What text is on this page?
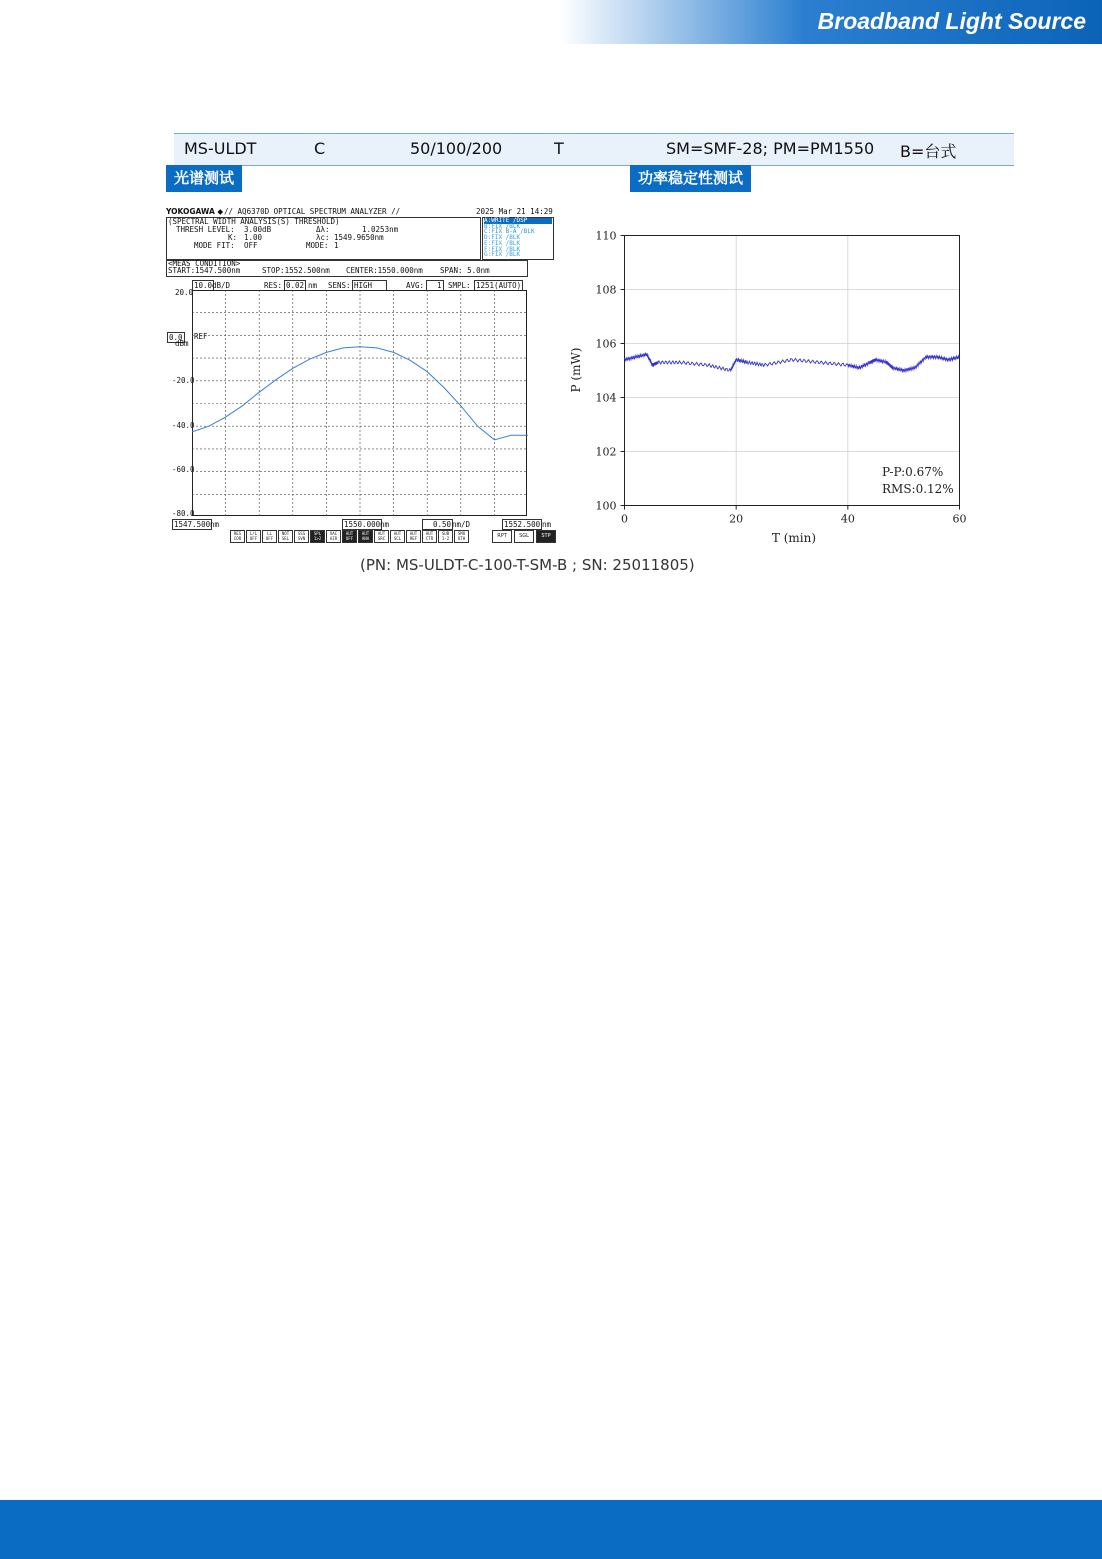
Broadband Light Source
MS-ULDT	C	50/100/200	T	SM=SMF-28; PM=PM1550 B=台式
光谱测试	功率稳定性测试
YOKOGAWA ◆ // AQ6370D OPTICAL SPECTRUM ANALYZER //	2025 Mar 21 14:29
(SPECTRAL WIDTH ANALYSIS(S) THRESHOLD)
THRESH LEVEL: 3.00dB
K: 1.00
MODE FIT: OFF
Δλ:	1.0253nm
λc: 1549.9650nm
MODE: 1
A:WRITE /DSP
B:FIX /BLK
C:FIX B-A /BLK
D:FIX /BLK
E:FIX /BLK
F:FIX /BLK
G:FIX /BLK
<MEAS CONDITION>
START:1547.500nm	STOP:1552.500nm CENTER:1550.000nm SPAN: 5.0nm
10.0 dB/D	RES: 0.02 nm SENS: HIGH	AVG:	1 SMPL: 1251(AUTO)
20.0
0.0 REF
dBm
-20.0
-40.0
-60.0
-80.0
1547.500 nm	1550.000 nm	0.50 nm/D	1552.500 nm
RES COR
L/L OFF
LL OFF
NOT SEL
SSS SVN
SPL 1>2
VAC AIR
AUT OFF
AUT ANA
AUT SRC
AUT SCL
AUT REF
AUT CTR
SUB 1-2
SMO OTH	RPT	SGL	STP
0	20	40	60
100
102
104
106
108
110
P (mW)
T (min)
P-P:0.67%
RMS:0.12%
(PN: MS-ULDT-C-100-T-SM-B ; SN: 25011805)
